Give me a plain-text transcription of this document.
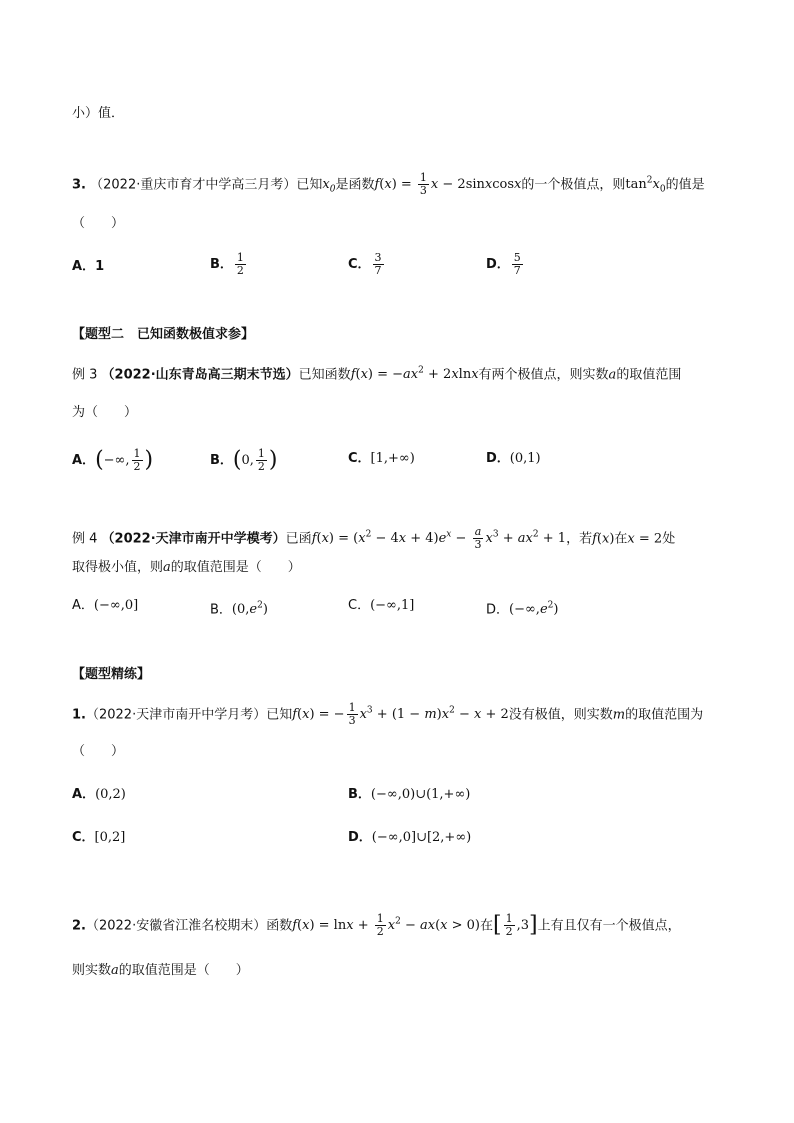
小）值．
3. （2022·重庆市育才中学高三月考）已知$x_0$是函数$f(x) = \frac{1}{3}$ x − 2sinxcosx的一个极值点，则$\tan^2x_0$的值是
（　　）
A．1	B． $\frac{1}{2}$	C． $\frac{3}{7}$	D． $\frac{5}{7}$
【题型二　已知函数极值求参】
例 3 （2022·山东青岛高三期末节选）已知函数$f(x) = -ax^2 + 2xlnx$有两个极值点，则实数a的取值范围
为（　　）
A．(−∞, $\frac{1}{2}$ )	B．(0, $\frac{1}{2}$ )	C．[1,+∞)	D．(0,1)
例 4 （2022·天津市南开中学模考）已函$f(x) = (x^2 - 4x + 4)e^x - \frac{a}{3} x^3 + ax^2 + 1$，若f(x)在x = 2处
取得极小值，则a的取值范围是（　　）
A．(−∞,0]	B．$(0,e^2)$	C．(−∞,1]	D．$(-\infty,e^2)$
【题型精练】
1.（2022·天津市南开中学月考）已知f(x) = − $\frac{1}{3} x^3 + (1 - m)x^2 - x + 2$没有极值，则实数m的取值范围为
（　　）
A．(0,2)	B．(−∞,0)∪(1,+∞)
C．[0,2]	D．(−∞,0]∪[2,+∞)
2.（2022·安徽省江淮名校期末）函数$f(x) = \ln x + \frac{1}{2} x^2 - ax(x > 0)$在[ $\frac{1}{2} ,3$]上有且仅有一个极值点，
则实数a的取值范围是（　　）
